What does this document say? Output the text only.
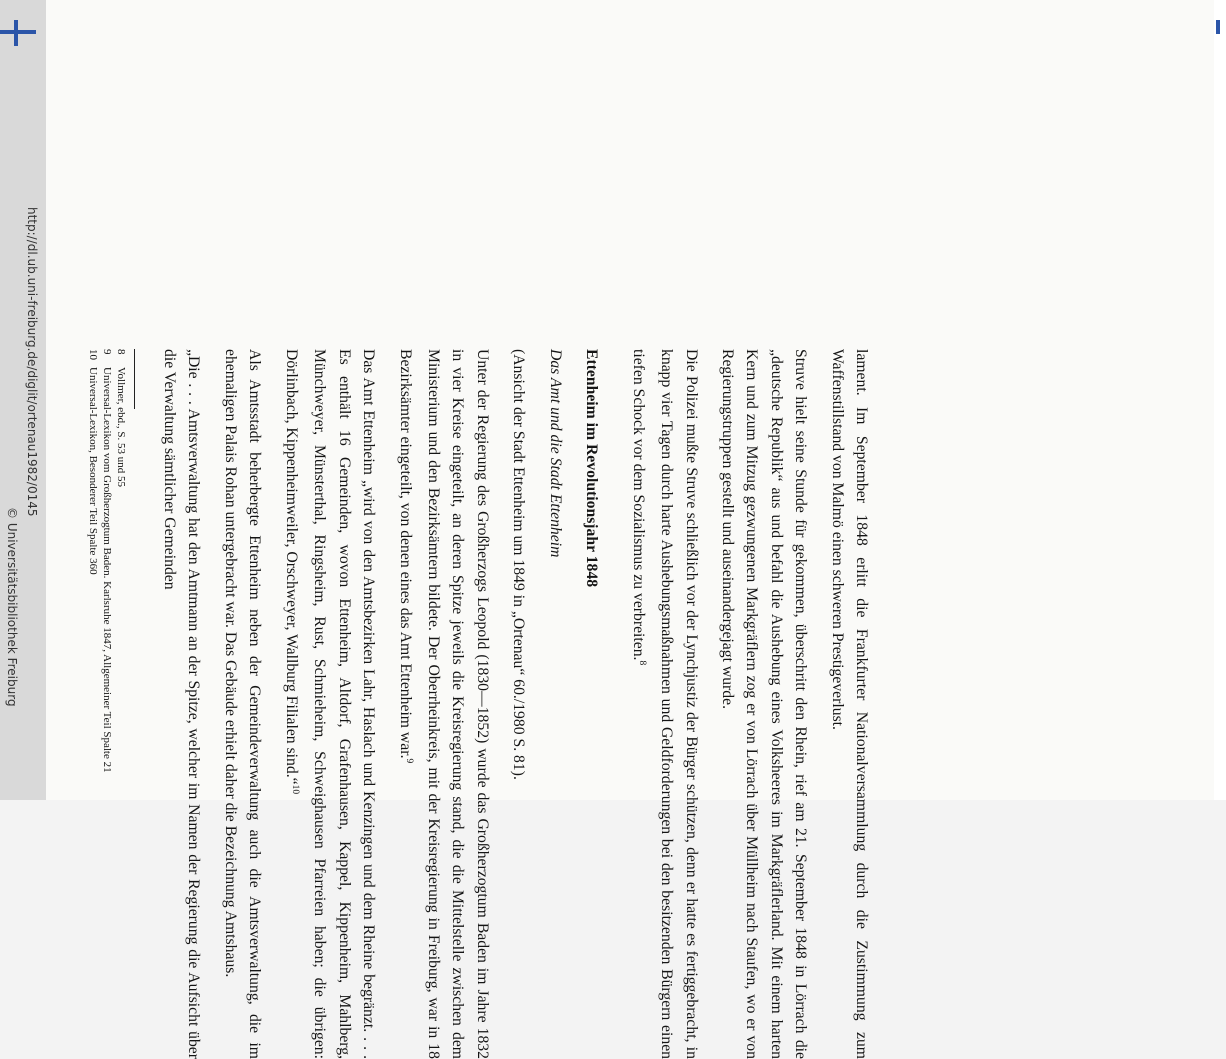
http://dl.ub.uni-freiburg.de/diglit/ortenau1982/0145
© Universitätsbibliothek Freiburg	lament. Im September 1848 erlitt die Frankfurter Nationalversammlung durch die Zustimmung zum Waffenstillstand von Malmö einen schweren Prestigeverlust.

Struve hielt seine Stunde für gekommen, überschritt den Rhein, rief am 21. September 1848 in Lörrach die „deutsche Republik“ aus und befahl die Aushebung eines Volksheeres im Markgräflerland. Mit einem harten Kern und zum Mitzug gezwungenen Markgräflern zog er von Lörrach über Müllheim nach Staufen, wo er von Regierungstruppen gestellt und auseinandergejagt wurde.

Die Polizei mußte Struve schließlich vor der Lynchjustiz der Bürger schützen, denn er hatte es fertiggebracht, in knapp vier Tagen durch harte Aushebungsmaßnahmen und Geldforderungen bei den besitzenden Bürgern einen tiefen Schock vor dem Sozialismus zu verbreiten.$^8$

Ettenheim im Revolutionsjahr 1848
Das Amt und die Stadt Ettenheim

(Ansicht der Stadt Ettenheim um 1849 in „Ortenau“ 60./1980 S. 81).

Unter der Regierung des Großherzogs Leopold (1830—1852) wurde das Großherzogtum Baden im Jahre 1832 in vier Kreise eingeteilt, an deren Spitze jeweils die Kreisregierung stand, die die Mittelstelle zwischen dem Ministerium und den Bezirksämtern bildete. Der Oberrheinkreis, mit der Kreisregierung in Freiburg, war in 18 Bezirksämter eingeteilt, von denen eines das Amt Ettenheim war.$^9$

Das Amt Ettenheim „wird von den Amtsbezirken Lahr, Haslach und Kenzingen und dem Rheine begränzt. . . . Es enthält 16 Gemeinden, wovon Ettenheim, Altdorf, Grafenhausen, Kappel, Kippenheim, Mahlberg, Münchweyer, Münsterthal, Ringsheim, Rust, Schmieheim, Schweighausen Pfarreien haben; die übrigen: Dörlinbach, Kippenheimweiler, Orschweyer, Wallburg Filialen sind.“$^{10}$

Als Amtsstadt beherbergte Ettenheim neben der Gemeindeverwaltung auch die Amtsverwaltung, die im ehemaligen Palais Rohan untergebracht war. Das Gebäude erhielt daher die Bezeichnung Amtshaus.

„Die . . . Amtsverwaltung hat den Amtmann an der Spitze, welcher im Namen der Regierung die Aufsicht über die Verwaltung sämtlicher Gemeinden

8
Vollmer, ebd., S. 53 und 55
9
Universal-Lexikon vom Großherzogtum Baden. Karlsruhe 1847, Allgemeiner Teil Spalte 21
10
Universal-Lexikon, Besonderer Teil Spalte 360
